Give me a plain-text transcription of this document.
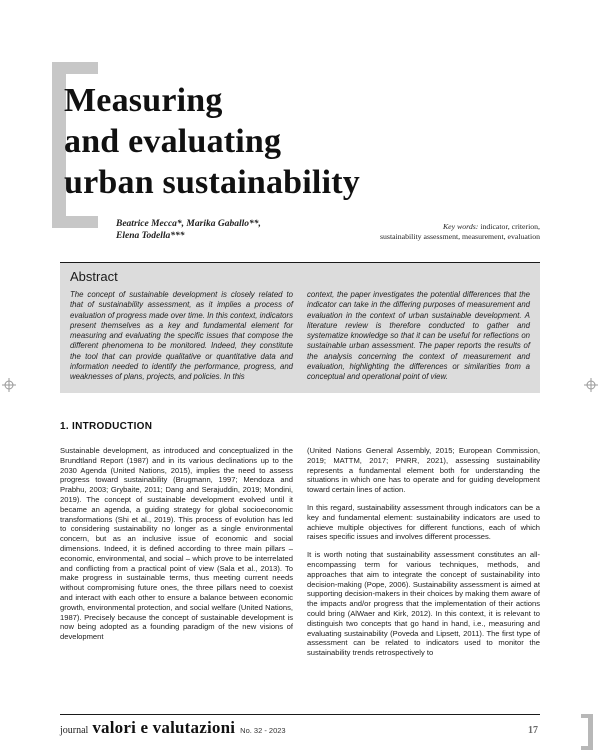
Measuring
and evaluating
urban sustainability
Beatrice Mecca*, Marika Gaballo**,
Elena Todella***
Key words: indicator, criterion,
sustainability assessment, measurement, evaluation
Abstract
The concept of sustainable development is closely related to that of sustainability assessment, as it implies a process of evaluation of progress made over time. In this context, indicators present themselves as a key and fundamental element for measuring and evaluating the specific issues that compose the different phenomena to be monitored. Indeed, they constitute the tool that can provide qualitative or quantitative data and information needed to identify the performance, progress, and weaknesses of plans, projects, and policies. In this
context, the paper investigates the potential differences that the indicator can take in the differing purposes of measurement and evaluation in the context of urban sustainable development. A literature review is therefore conducted to gather and systematize knowledge so that it can be useful for reflections on sustainable urban assessment. The paper reports the results of the analysis concerning the context of measurement and evaluation, highlighting the differences or similarities from a conceptual and operational point of view.
1. INTRODUCTION

Sustainable development, as introduced and conceptualized in the Brundtland Report (1987) and in its various declinations up to the 2030 Agenda (United Nations, 2015), implies the need to assess progress toward sustainability (Brugmann, 1997; Mendoza and Prabhu, 2003; Grybaite, 2011; Dang and Serajuddin, 2019; Mondini, 2019). The concept of sustainable development evolved until it became an agenda, a guiding strategy for global socioeconomic transformations (Shi et al., 2019). This process of evolution has led to considering sustainability no longer as a single environmental concern, but as an inclusive issue of economic and social dimensions. Indeed, it is defined according to three main pillars – economic, environmental, and social – which prove to be interrelated and conflicting from a practical point of view (Sala et al., 2013). To make progress in sustainable terms, thus meeting current needs without compromising future ones, the three pillars need to coexist and interact with each other to ensure a balance between economic growth, environmental protection, and social welfare (United Nations, 1987). Precisely because the concept of sustainable development is now being adopted as a founding paradigm of the new visions of development

(United Nations General Assembly, 2015; European Commission, 2019; MATTM, 2017; PNRR, 2021), assessing sustainability represents a fundamental element both for understanding the situations in which one has to operate and for guiding development toward certain lines of action.

In this regard, sustainability assessment through indicators can be a key and fundamental element: sustainability indicators are used to achieve multiple objectives for different functions, each of which raises specific issues and involves different processes.

It is worth noting that sustainability assessment constitutes an all-encompassing term for various techniques, methods, and approaches that aim to integrate the concept of sustainability into decision-making (Pope, 2006). Sustainability assessment is aimed at supporting decision-makers in their choices by making them aware of the impacts and/or progress that the implementation of their actions could bring (AlWaer and Kirk, 2012). In this context, it is relevant to distinguish two concepts that go hand in hand, i.e., measuring and evaluating sustainability (Poveda and Lipsett, 2011). The first type of assessment can be related to indicators used to monitor the sustainability trends retrospectively to

journal valori e valutazioni No. 32 - 2023	17
